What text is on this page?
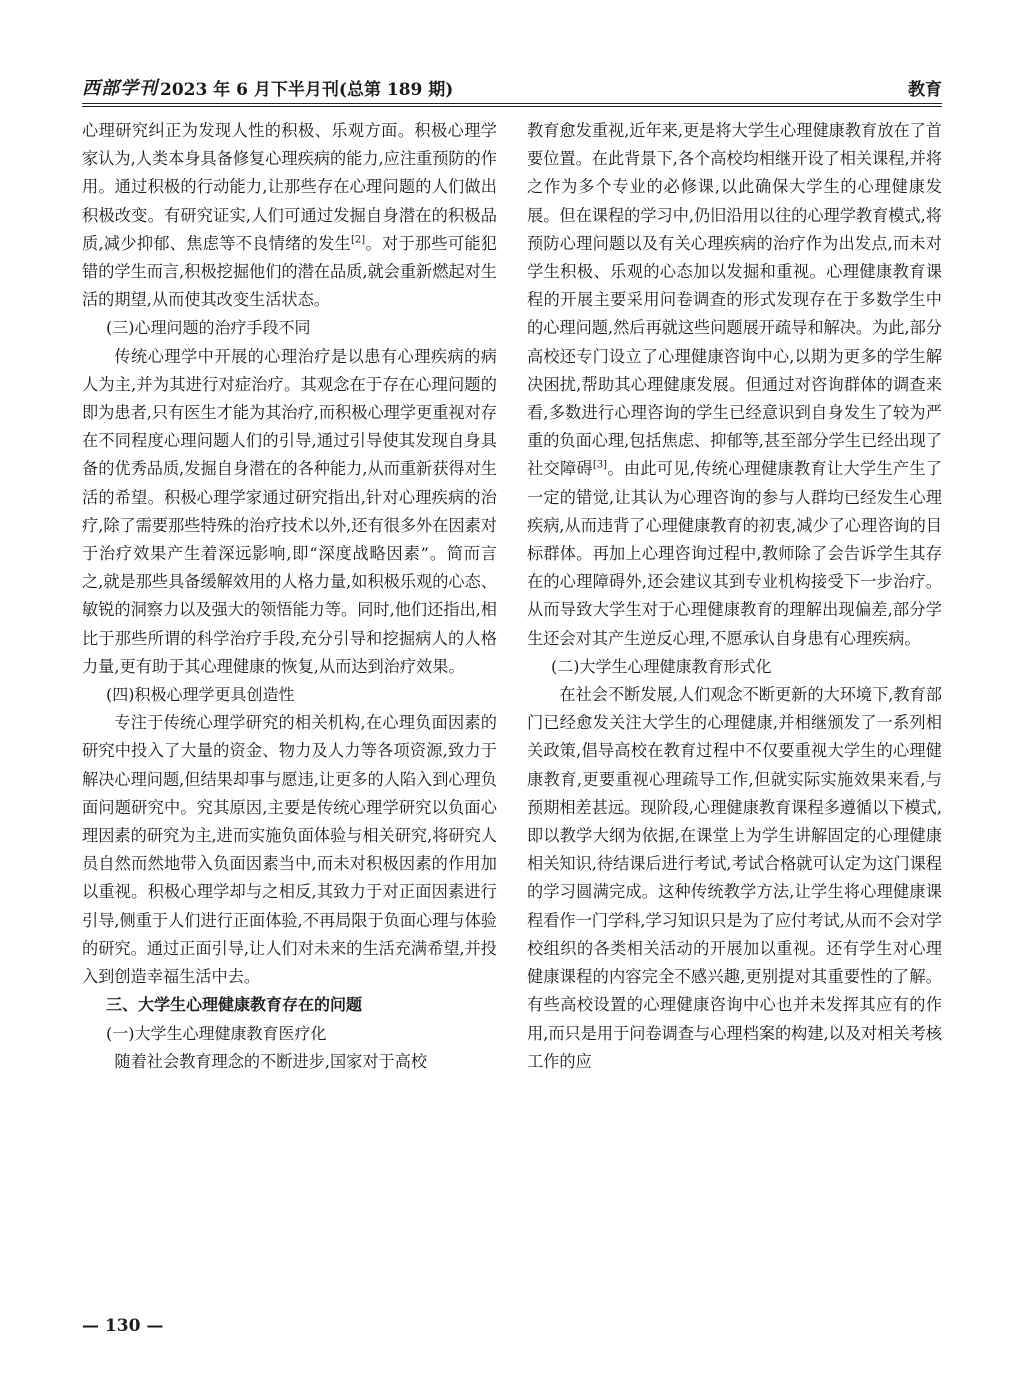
西部学刊 2023 年 6 月下半月刊(总第 189 期)	教育

心理研究纠正为发现人性的积极、乐观方面。积极心理学家认为,人类本身具备修复心理疾病的能力,应注重预防的作用。通过积极的行动能力,让那些存在心理问题的人们做出积极改变。有研究证实,人们可通过发掘自身潜在的积极品质,减少抑郁、焦虑等不良情绪的发生[2]。对于那些可能犯错的学生而言,积极挖掘他们的潜在品质,就会重新燃起对生活的期望,从而使其改变生活状态。

(三)心理问题的治疗手段不同

传统心理学中开展的心理治疗是以患有心理疾病的病人为主,并为其进行对症治疗。其观念在于存在心理问题的即为患者,只有医生才能为其治疗,而积极心理学更重视对存在不同程度心理问题人们的引导,通过引导使其发现自身具备的优秀品质,发掘自身潜在的各种能力,从而重新获得对生活的希望。积极心理学家通过研究指出,针对心理疾病的治疗,除了需要那些特殊的治疗技术以外,还有很多外在因素对于治疗效果产生着深远影响,即“深度战略因素”。简而言之,就是那些具备缓解效用的人格力量,如积极乐观的心态、敏锐的洞察力以及强大的领悟能力等。同时,他们还指出,相比于那些所谓的科学治疗手段,充分引导和挖掘病人的人格力量,更有助于其心理健康的恢复,从而达到治疗效果。

(四)积极心理学更具创造性

专注于传统心理学研究的相关机构,在心理负面因素的研究中投入了大量的资金、物力及人力等各项资源,致力于解决心理问题,但结果却事与愿违,让更多的人陷入到心理负面问题研究中。究其原因,主要是传统心理学研究以负面心理因素的研究为主,进而实施负面体验与相关研究,将研究人员自然而然地带入负面因素当中,而未对积极因素的作用加以重视。积极心理学却与之相反,其致力于对正面因素进行引导,侧重于人们进行正面体验,不再局限于负面心理与体验的研究。通过正面引导,让人们对未来的生活充满希望,并投入到创造幸福生活中去。

三、大学生心理健康教育存在的问题
(一)大学生心理健康教育医疗化

随着社会教育理念的不断进步,国家对于高校

教育愈发重视,近年来,更是将大学生心理健康教育放在了首要位置。在此背景下,各个高校均相继开设了相关课程,并将之作为多个专业的必修课,以此确保大学生的心理健康发展。但在课程的学习中,仍旧沿用以往的心理学教育模式,将预防心理问题以及有关心理疾病的治疗作为出发点,而未对学生积极、乐观的心态加以发掘和重视。心理健康教育课程的开展主要采用问卷调查的形式发现存在于多数学生中的心理问题,然后再就这些问题展开疏导和解决。为此,部分高校还专门设立了心理健康咨询中心,以期为更多的学生解决困扰,帮助其心理健康发展。但通过对咨询群体的调查来看,多数进行心理咨询的学生已经意识到自身发生了较为严重的负面心理,包括焦虑、抑郁等,甚至部分学生已经出现了社交障碍[3]。由此可见,传统心理健康教育让大学生产生了一定的错觉,让其认为心理咨询的参与人群均已经发生心理疾病,从而违背了心理健康教育的初衷,减少了心理咨询的目标群体。再加上心理咨询过程中,教师除了会告诉学生其存在的心理障碍外,还会建议其到专业机构接受下一步治疗。从而导致大学生对于心理健康教育的理解出现偏差,部分学生还会对其产生逆反心理,不愿承认自身患有心理疾病。

(二)大学生心理健康教育形式化

在社会不断发展,人们观念不断更新的大环境下,教育部门已经愈发关注大学生的心理健康,并相继颁发了一系列相关政策,倡导高校在教育过程中不仅要重视大学生的心理健康教育,更要重视心理疏导工作,但就实际实施效果来看,与预期相差甚远。现阶段,心理健康教育课程多遵循以下模式,即以教学大纲为依据,在课堂上为学生讲解固定的心理健康相关知识,待结课后进行考试,考试合格就可认定为这门课程的学习圆满完成。这种传统教学方法,让学生将心理健康课程看作一门学科,学习知识只是为了应付考试,从而不会对学校组织的各类相关活动的开展加以重视。还有学生对心理健康课程的内容完全不感兴趣,更别提对其重要性的了解。有些高校设置的心理健康咨询中心也并未发挥其应有的作用,而只是用于问卷调查与心理档案的构建,以及对相关考核工作的应

— 130 —
